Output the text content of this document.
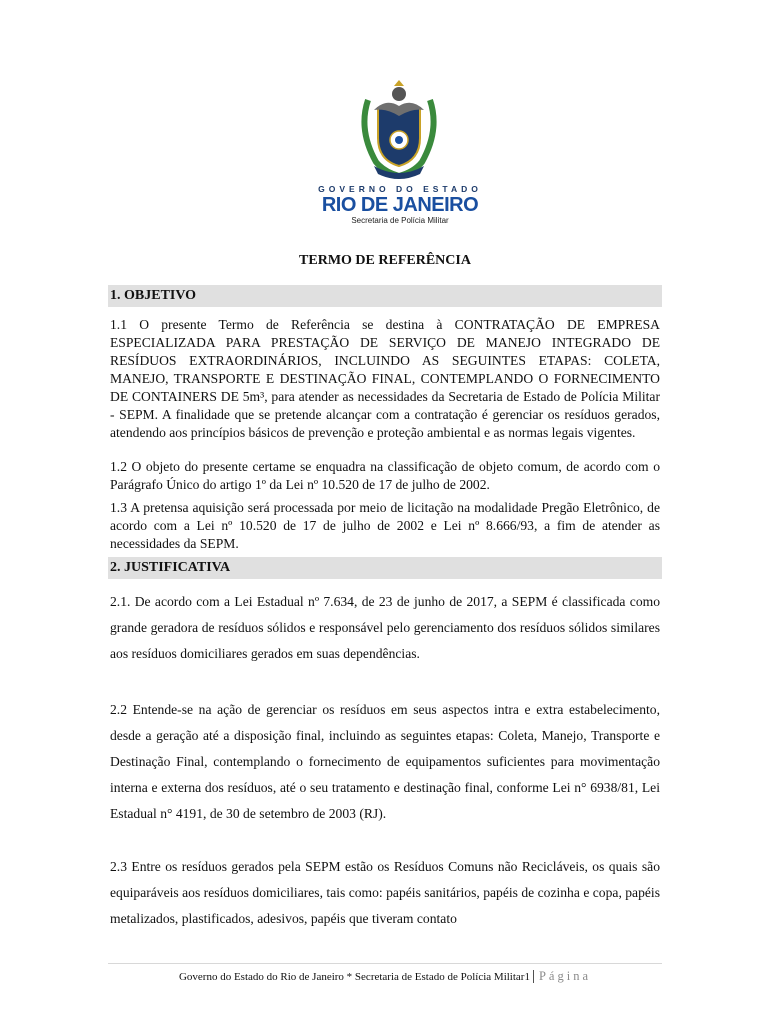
GOVERNO DO ESTADO
RIO DE JANEIRO
Secretaria de Polícia Militar
TERMO DE REFERÊNCIA
1. OBJETIVO
1.1 O presente Termo de Referência se destina à CONTRATAÇÃO DE EMPRESA ESPECIALIZADA PARA PRESTAÇÃO DE SERVIÇO DE MANEJO INTEGRADO DE RESÍDUOS EXTRAORDINÁRIOS, INCLUINDO AS SEGUINTES ETAPAS: COLETA, MANEJO, TRANSPORTE E DESTINAÇÃO FINAL, CONTEMPLANDO O FORNECIMENTO DE CONTAINERS DE 5m³, para atender as necessidades da Secretaria de Estado de Polícia Militar - SEPM. A finalidade que se pretende alcançar com a contratação é gerenciar os resíduos gerados, atendendo aos princípios básicos de prevenção e proteção ambiental e as normas legais vigentes.
1.2 O objeto do presente certame se enquadra na classificação de objeto comum, de acordo com o Parágrafo Único do artigo 1º da Lei nº 10.520 de 17 de julho de 2002.
1.3 A pretensa aquisição será processada por meio de licitação na modalidade Pregão Eletrônico, de acordo com a Lei nº 10.520 de 17 de julho de 2002 e Lei nº 8.666/93, a fim de atender as necessidades da SEPM.
2. JUSTIFICATIVA
2.1. De acordo com a Lei Estadual nº 7.634, de 23 de junho de 2017, a SEPM é classificada como grande geradora de resíduos sólidos e responsável pelo gerenciamento dos resíduos sólidos similares aos resíduos domiciliares gerados em suas dependências.
2.2 Entende-se na ação de gerenciar os resíduos em seus aspectos intra e extra estabelecimento, desde a geração até a disposição final, incluindo as seguintes etapas: Coleta, Manejo, Transporte e Destinação Final, contemplando o fornecimento de equipamentos suficientes para movimentação interna e externa dos resíduos, até o seu tratamento e destinação final, conforme Lei n° 6938/81, Lei Estadual n° 4191, de 30 de setembro de 2003 (RJ).
2.3 Entre os resíduos gerados pela SEPM estão os Resíduos Comuns não Recicláveis, os quais são equiparáveis aos resíduos domiciliares, tais como: papéis sanitários, papéis de cozinha e copa, papéis metalizados, plastificados, adesivos, papéis que tiveram contato
Governo do Estado do Rio de Janeiro * Secretaria de Estado de Polícia Militar1 | Página
